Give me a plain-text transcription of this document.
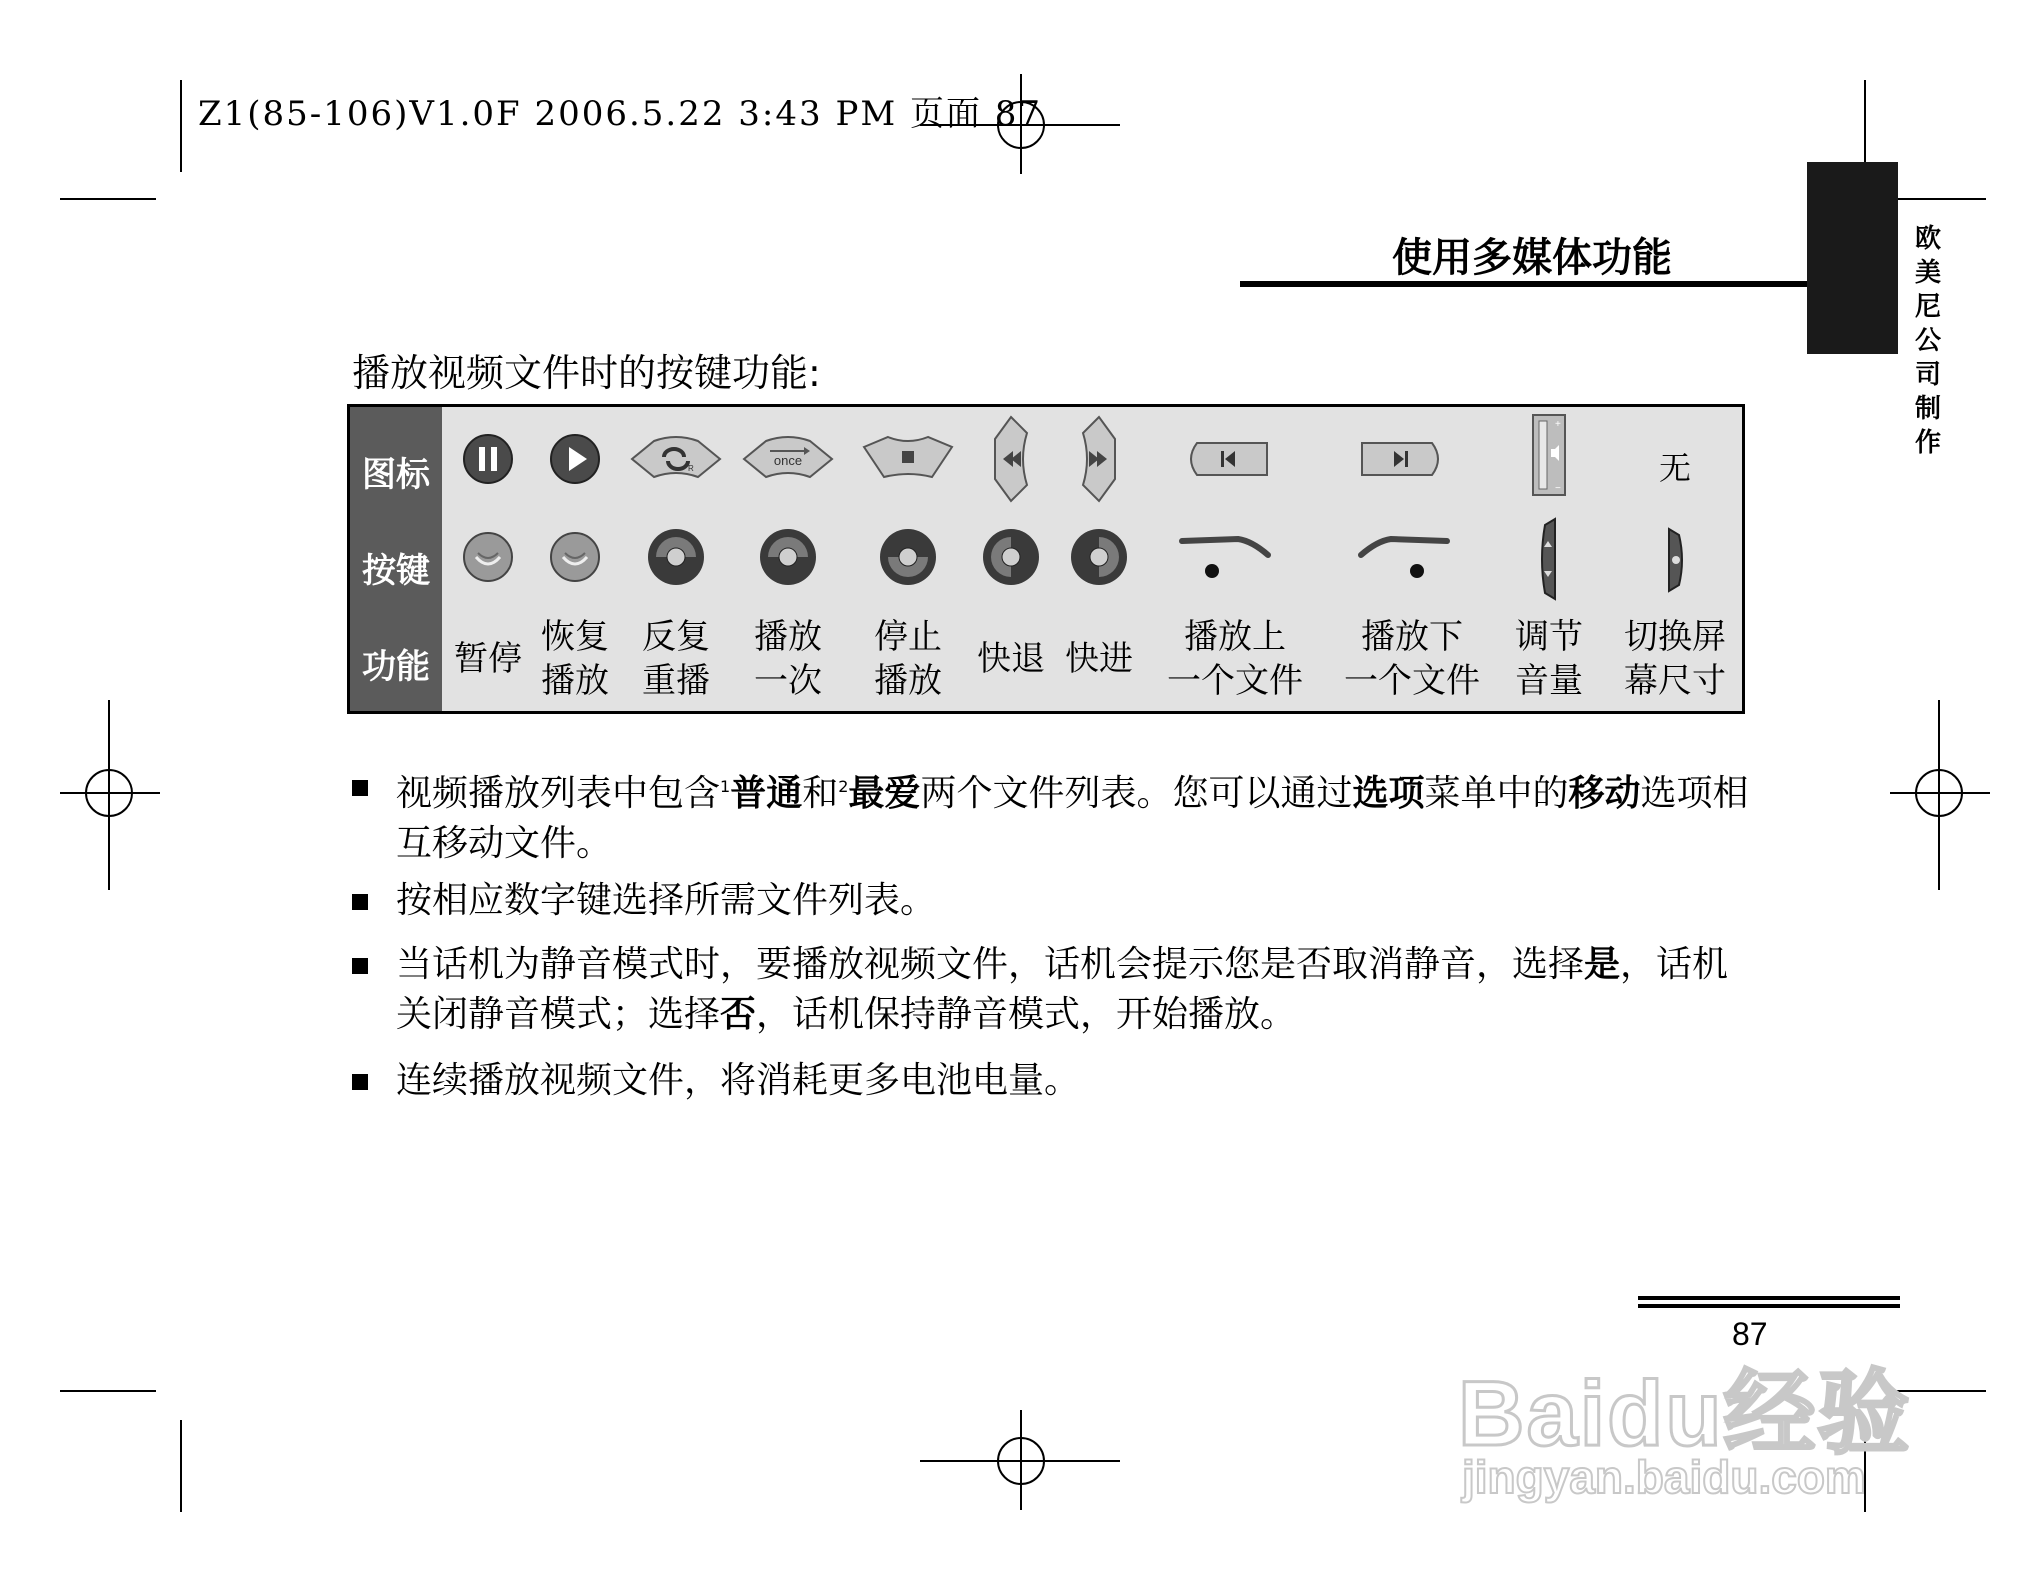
Z1(85-106)V1.0F 2006.5.22 3:43 PM 页面 87
使用多媒体功能	欧
美
尼
公
司
制
作
播放视频文件时的按键功能:
图标
按键
功能
R
once
+
−
无
暂停
恢复
播放
反复
重播
播放
一次
停止
播放
快退 快进
播放上
一个文件
播放下
一个文件
调节
音量
切换屏
幕尺寸
视频播放列表中包含$^1$普通和$^2$最爱两个文件列表。您可以通过选项菜单中的移动选项相互移动文件。
按相应数字键选择所需文件列表。
当话机为静音模式时，要播放视频文件，话机会提示您是否取消静音，选择是，话机关闭静音模式；选择否，话机保持静音模式，开始播放。
连续播放视频文件，将消耗更多电池电量。
87
Baidu经验
jingyan.baidu.com
